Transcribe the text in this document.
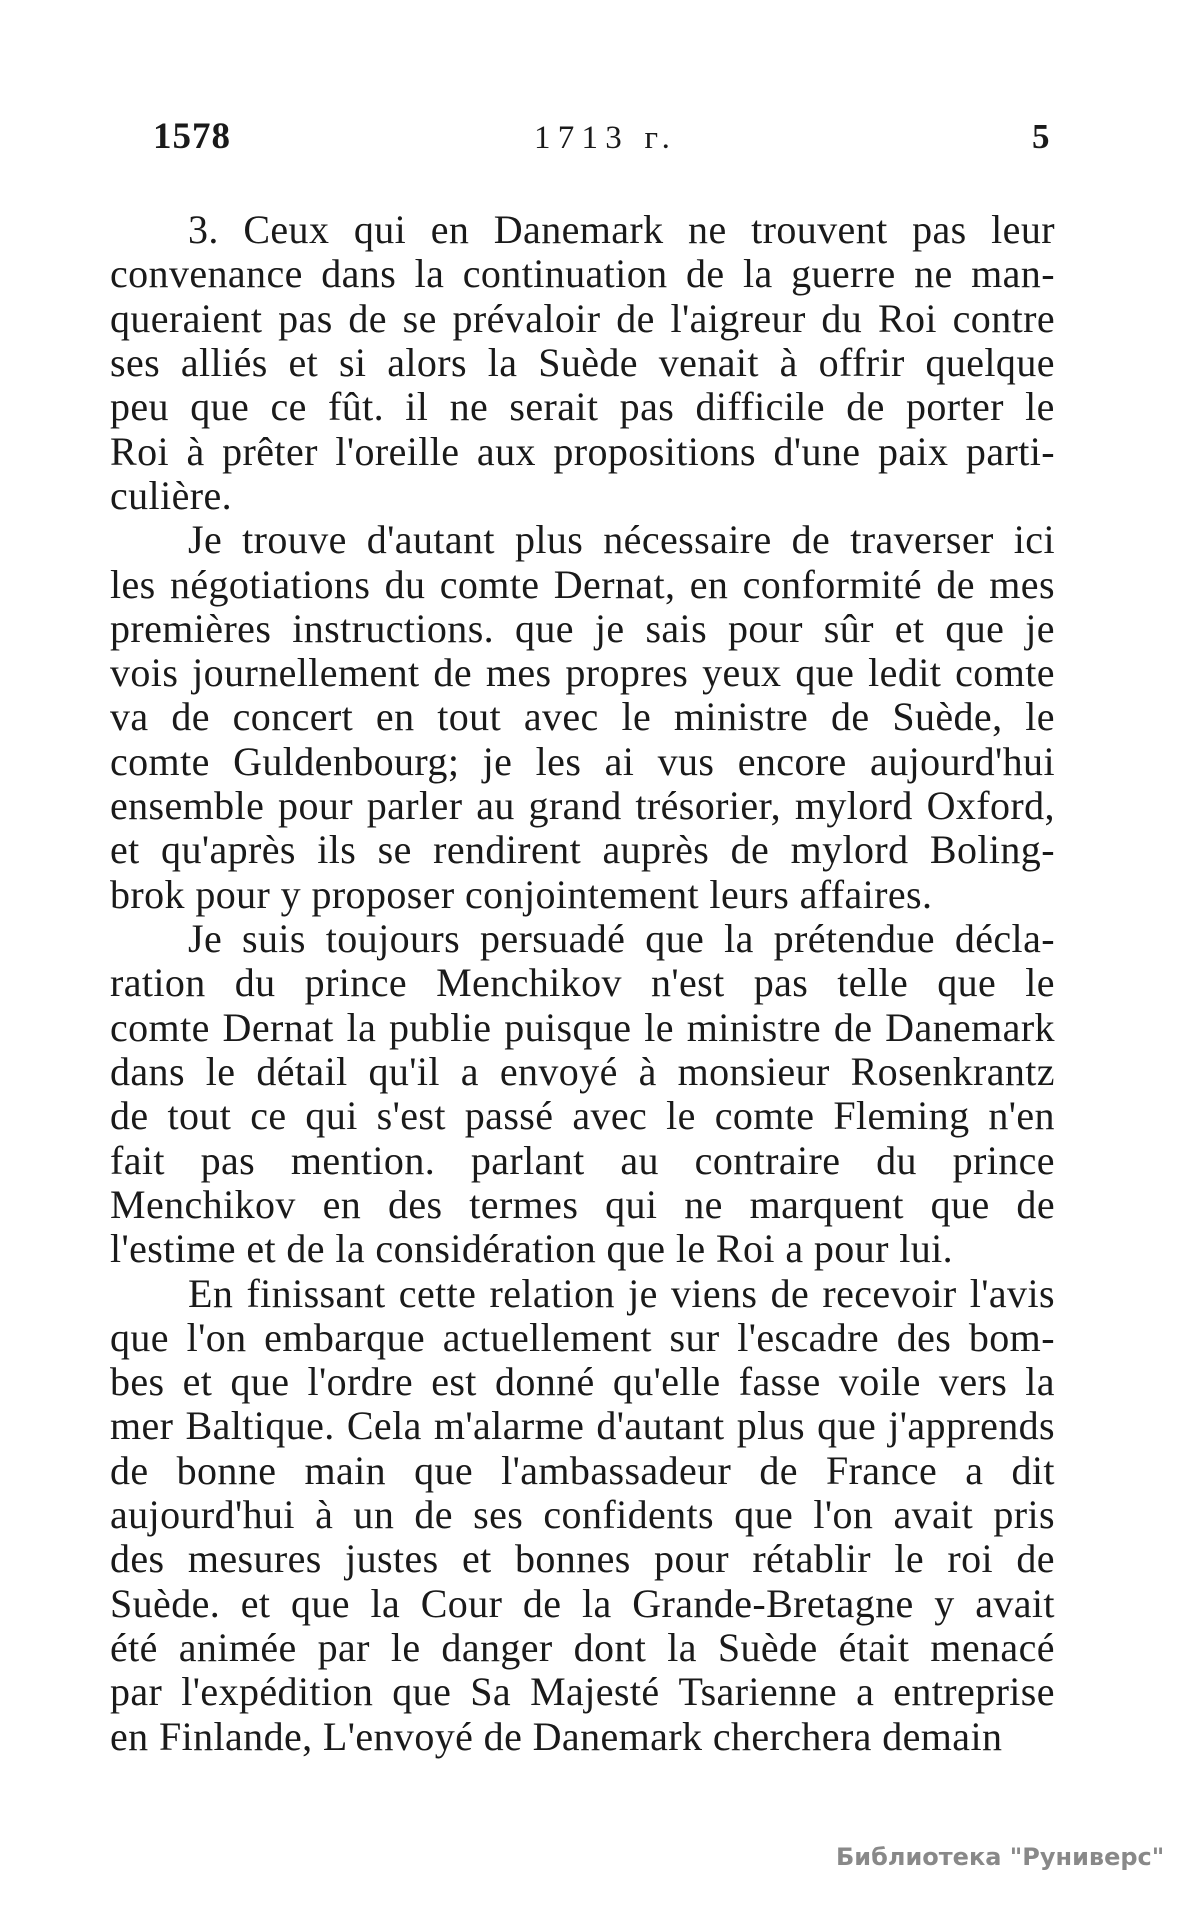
1578	1713 г.	5
3. Ceux qui en Danemark ne trouvent pas leur
convenance dans la continuation de la guerre ne man-
queraient pas de se prévaloir de l'aigreur du Roi contre
ses alliés et si alors la Suède venait à offrir quelque
peu que ce fût. il ne serait pas difficile de porter le
Roi à prêter l'oreille aux propositions d'une paix parti-
culière.
Je trouve d'autant plus nécessaire de traverser ici
les négotiations du comte Dernat, en conformité de mes
premières instructions. que je sais pour sûr et que je
vois journellement de mes propres yeux que ledit comte
va de concert en tout avec le ministre de Suède, le
comte Guldenbourg; je les ai vus encore aujourd'hui
ensemble pour parler au grand trésorier, mylord Oxford,
et qu'après ils se rendirent auprès de mylord Boling-
brok pour y proposer conjointement leurs affaires.
Je suis toujours persuadé que la prétendue décla-
ration du prince Menchikov n'est pas telle que le
comte Dernat la publie puisque le ministre de Danemark
dans le détail qu'il a envoyé à monsieur Rosenkrantz
de tout ce qui s'est passé avec le comte Fleming n'en
fait pas mention. parlant au contraire du prince
Menchikov en des termes qui ne marquent que de
l'estime et de la considération que le Roi a pour lui.
En finissant cette relation je viens de recevoir l'avis
que l'on embarque actuellement sur l'escadre des bom-
bes et que l'ordre est donné qu'elle fasse voile vers la
mer Baltique. Cela m'alarme d'autant plus que j'apprends
de bonne main que l'ambassadeur de France a dit
aujourd'hui à un de ses confidents que l'on avait pris
des mesures justes et bonnes pour rétablir le roi de
Suède. et que la Cour de la Grande-Bretagne y avait
été animée par le danger dont la Suède était menacé
par l'expédition que Sa Majesté Tsarienne a entreprise
en Finlande, L'envoyé de Danemark cherchera demain
Библиотека "Руниверс"
